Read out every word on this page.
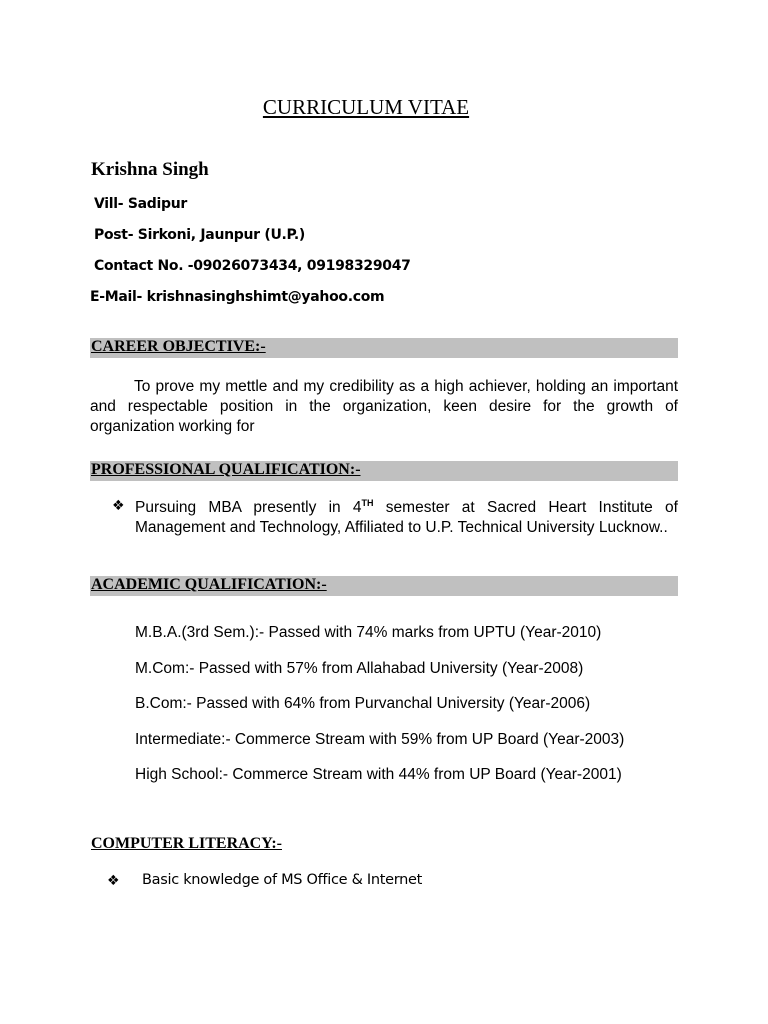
CURRICULUM VITAE
Krishna Singh
Vill- Sadipur
Post- Sirkoni, Jaunpur (U.P.)
Contact No. -09026073434, 09198329047
E-Mail- krishnasinghshimt@yahoo.com
CAREER OBJECTIVE:-
To prove my mettle and my credibility as a high achiever, holding an important and respectable position in the organization, keen desire for the growth of organization working for
PROFESSIONAL QUALIFICATION:-
❖ Pursuing MBA presently in 4TH semester at Sacred Heart Institute of Management and Technology, Affiliated to U.P. Technical University Lucknow..
ACADEMIC QUALIFICATION:-
M.B.A.(3rd Sem.):- Passed with 74% marks from UPTU (Year-2010)
M.Com:- Passed with 57% from Allahabad University (Year-2008)
B.Com:- Passed with 64% from Purvanchal University (Year-2006)
Intermediate:- Commerce Stream with 59% from UP Board (Year-2003)
High School:- Commerce Stream with 44% from UP Board (Year-2001)
COMPUTER LITERACY:-
❖ Basic knowledge of MS Office & Internet
